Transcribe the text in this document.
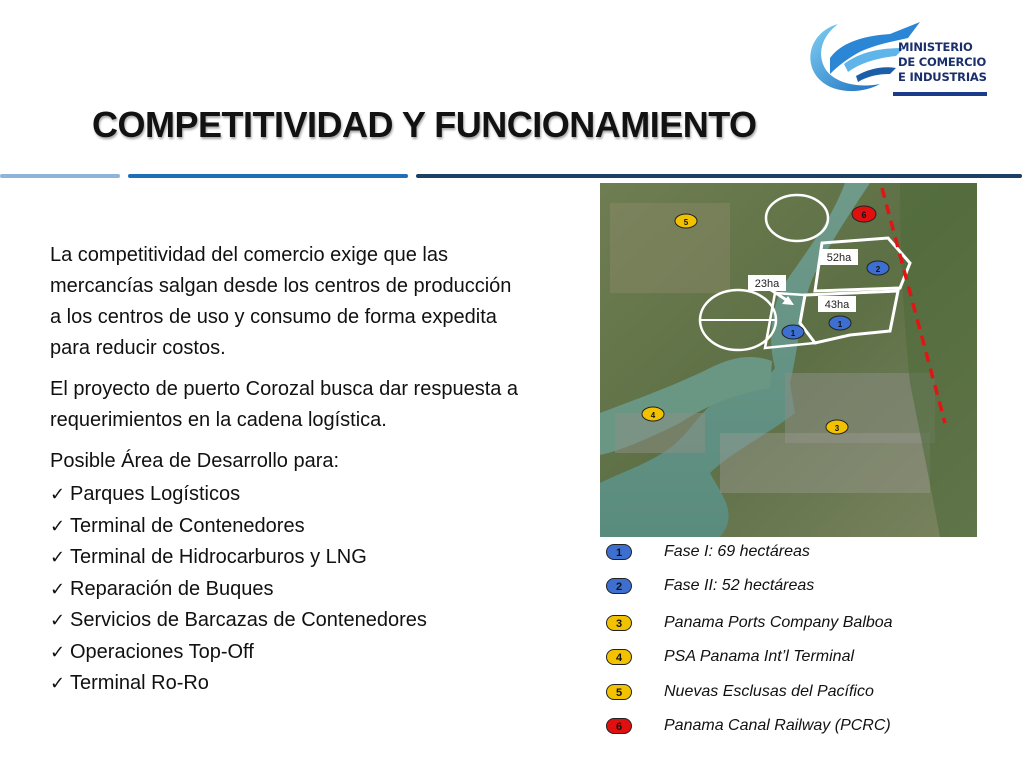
MINISTERIO
DE COMERCIO
E INDUSTRIAS
COMPETITIVIDAD Y FUNCIONAMIENTO

La competitividad del comercio exige que las mercancías salgan desde los centros de producción a los centros de uso y consumo de forma expedita para reducir costos.

El proyecto de puerto Corozal busca dar respuesta a requerimientos en la cadena logística.

Posible Área de Desarrollo para:

✓ Parques Logísticos
✓ Terminal de Contenedores
✓ Terminal de Hidrocarburos y LNG
✓ Reparación de Buques
✓ Servicios de Barcazas de Contenedores
✓ Operaciones Top-Off
✓ Terminal Ro-Ro
52ha
23ha
43ha
1
1
2
3
4
5
6
1	Fase I: 69 hectáreas
2	Fase II: 52 hectáreas
3	Panama Ports Company Balboa
4	PSA Panama Int’l Terminal
5	Nuevas Esclusas del Pacífico
6	Panama Canal Railway (PCRC)
